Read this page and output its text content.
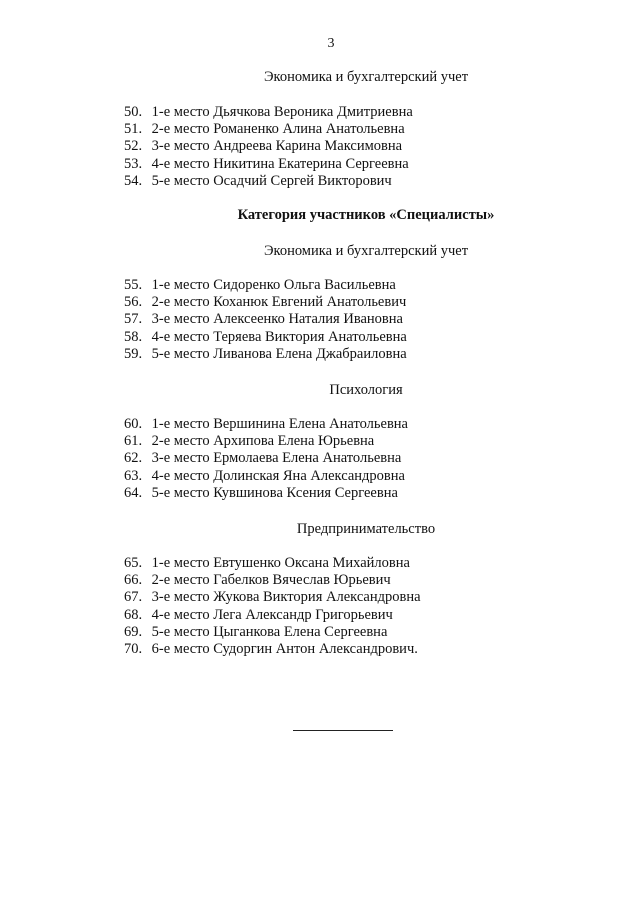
3
Экономика и бухгалтерский учет
50. 1-е место Дьячкова Вероника Дмитриевна
51. 2-е место Романенко Алина Анатольевна
52. 3-е место Андреева Карина Максимовна
53. 4-е место Никитина Екатерина Сергеевна
54. 5-е место Осадчий Сергей Викторович
Категория участников «Специалисты»
Экономика и бухгалтерский учет
55. 1-е место Сидоренко Ольга Васильевна
56. 2-е место Коханюк Евгений Анатольевич
57. 3-е место Алексеенко Наталия Ивановна
58. 4-е место Теряева Виктория Анатольевна
59. 5-е место Ливанова Елена Джабраиловна
Психология
60. 1-е место Вершинина Елена Анатольевна
61. 2-е место Архипова Елена Юрьевна
62. 3-е место Ермолаева Елена Анатольевна
63. 4-е место Долинская Яна Александровна
64. 5-е место Кувшинова Ксения Сергеевна
Предпринимательство
65. 1-е место Евтушенко Оксана Михайловна
66. 2-е место Габелков Вячеслав Юрьевич
67. 3-е место Жукова Виктория Александровна
68. 4-е место Лега Александр Григорьевич
69. 5-е место Цыганкова Елена Сергеевна
70. 6-е место Судоргин Антон Александрович.
